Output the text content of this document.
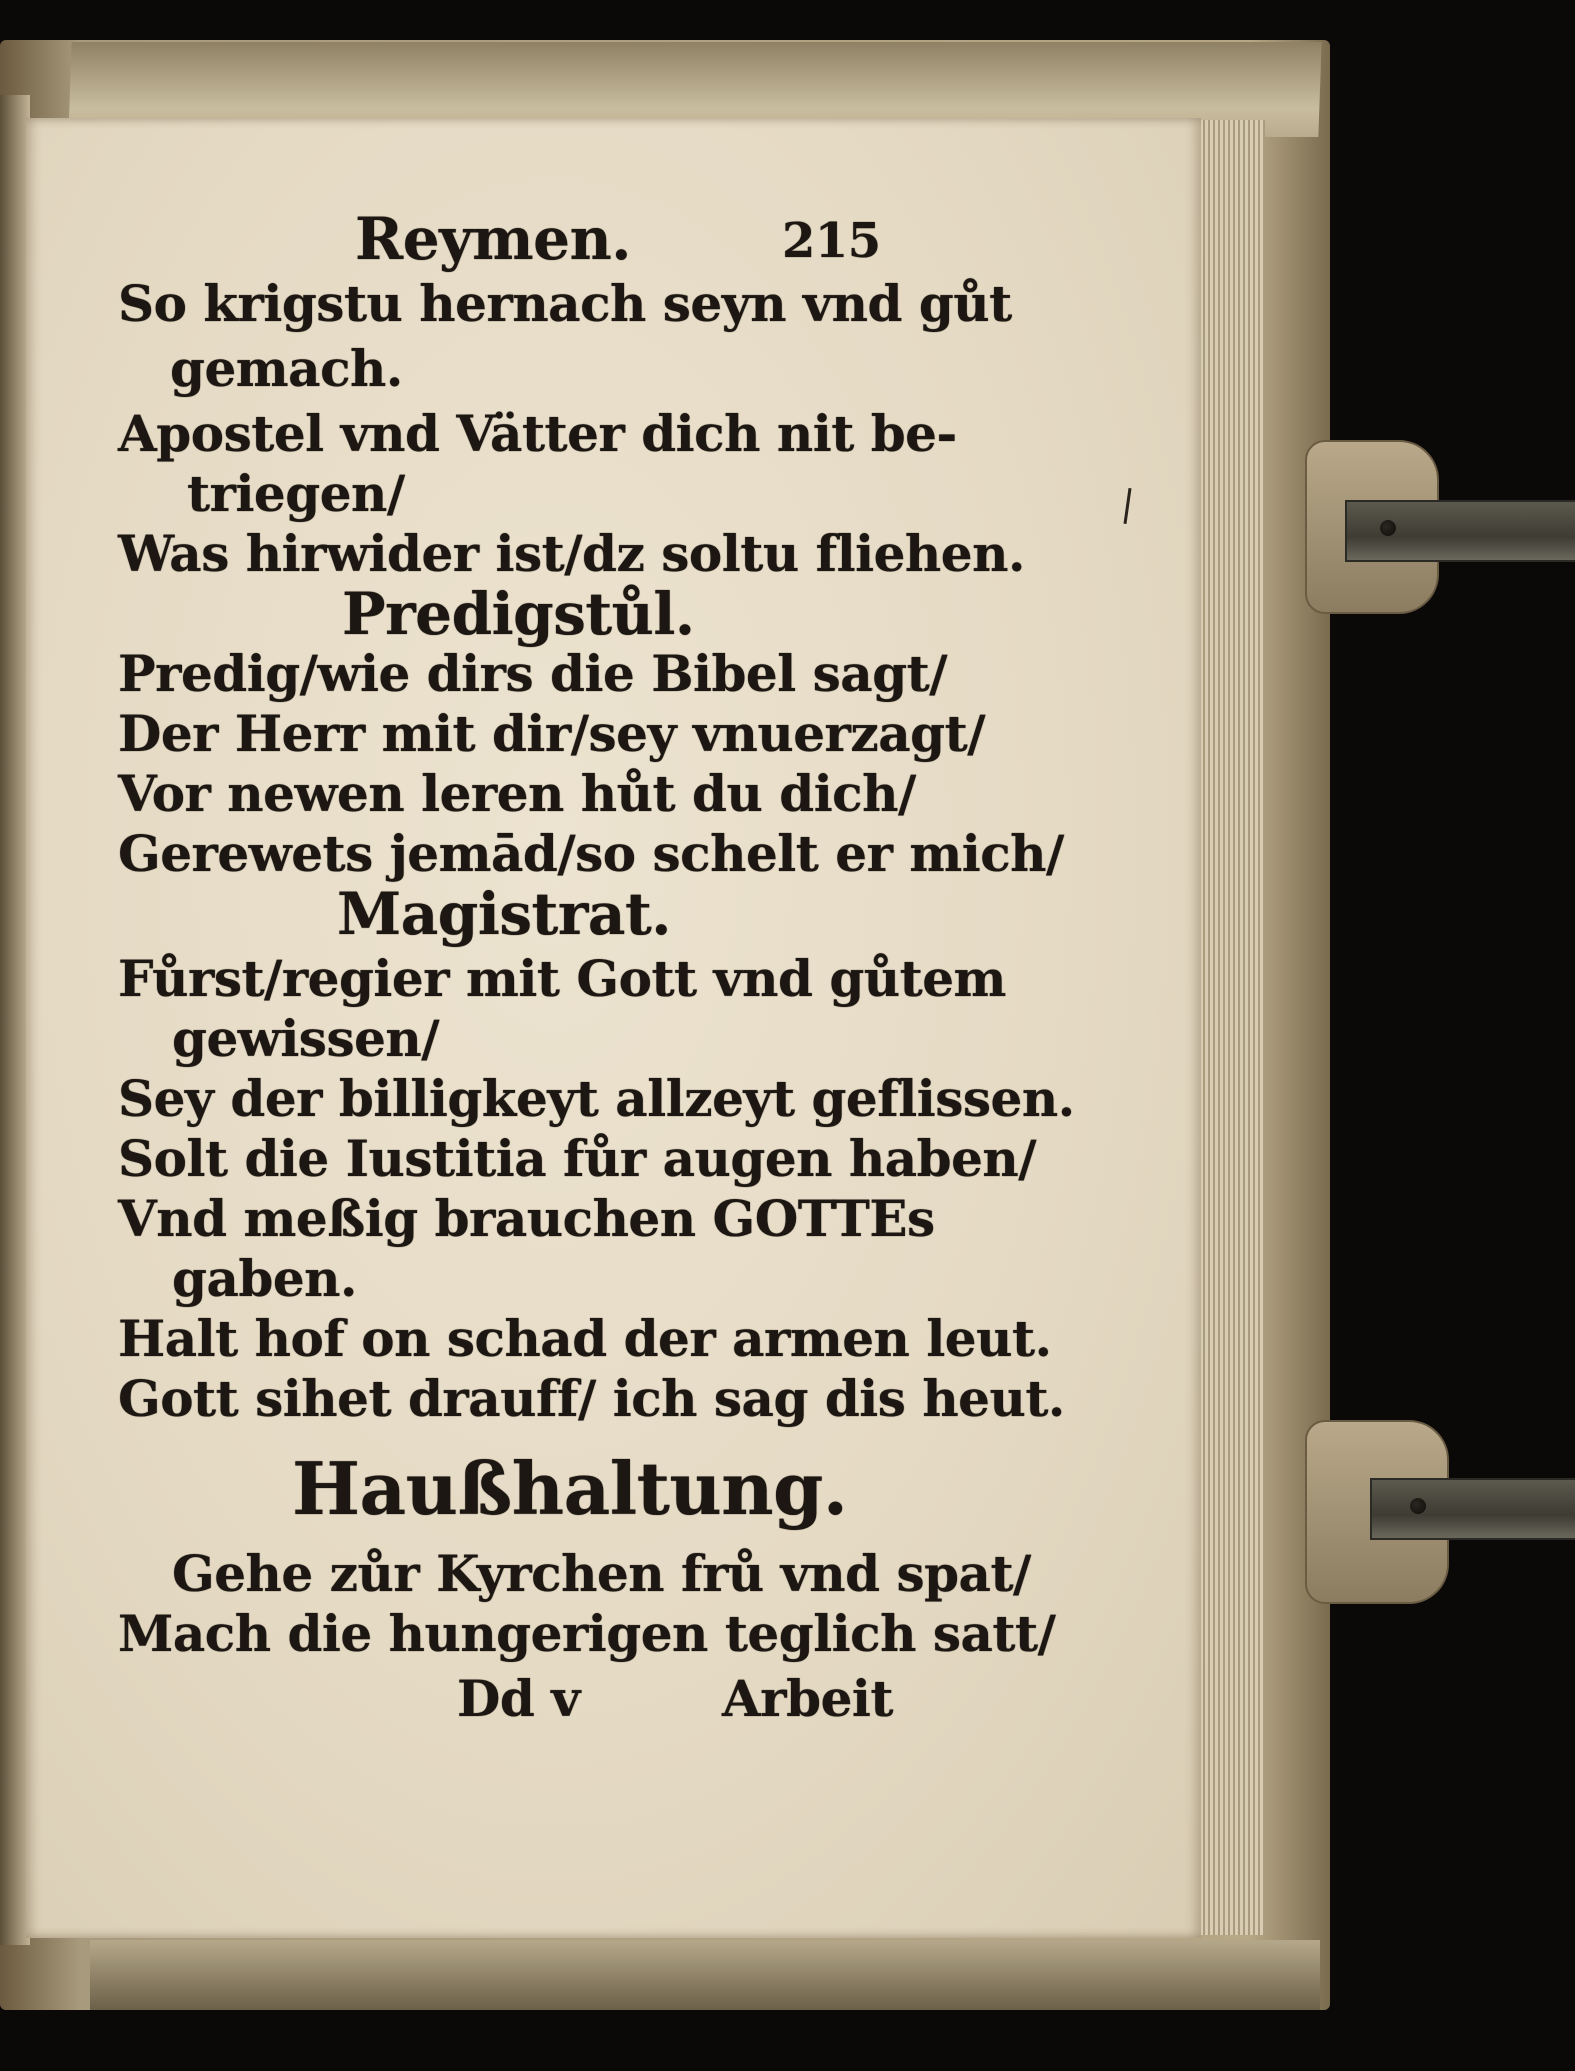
Reymen.	215
So krigstu hernach seyn vnd gůt
gemach.
Apostel vnd Vätter dich nit be-
triegen/
Was hirwider ist/dz soltu fliehen.
Predigstůl.
Predig/wie dirs die Bibel sagt/
Der Herr mit dir/sey vnuerzagt/
Vor newen leren hůt du dich/
Gerewets jemād/so schelt er mich/
Magistrat.
Fůrst/regier mit Gott vnd gůtem
gewissen/
Sey der billigkeyt allzeyt geflissen.
Solt die Iustitia fůr augen haben/
Vnd meßig brauchen GOTTEs
gaben.
Halt hof on schad der armen leut.
Gott sihet drauff/ ich sag dis heut.
Haußhaltung.
Gehe zůr Kyrchen frů vnd spat/
Mach die hungerigen teglich satt/
Dd v	Arbeit
